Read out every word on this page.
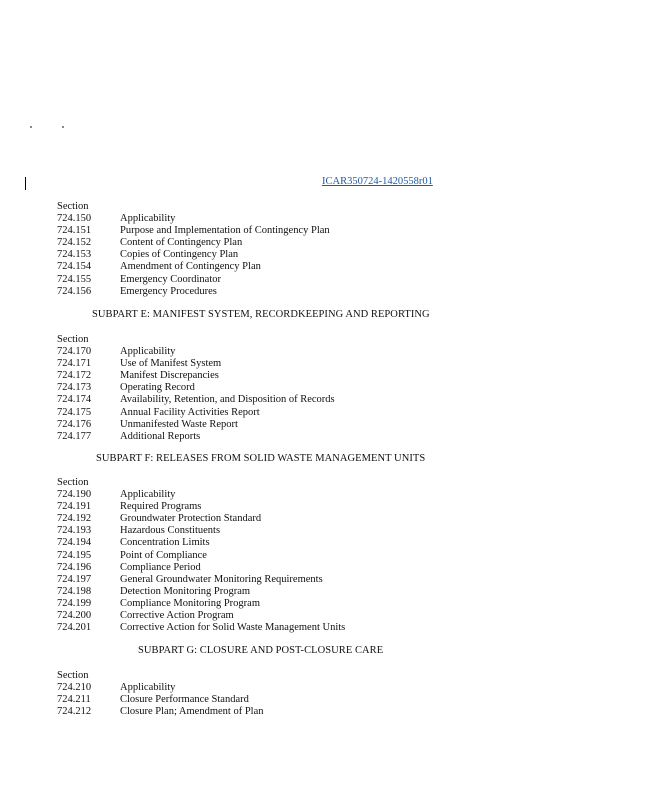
ICAR350724-1420558r01
Section
724.150	Applicability
724.151	Purpose and Implementation of Contingency Plan
724.152	Content of Contingency Plan
724.153	Copies of Contingency Plan
724.154	Amendment of Contingency Plan
724.155	Emergency Coordinator
724.156	Emergency Procedures
SUBPART E: MANIFEST SYSTEM, RECORDKEEPING AND REPORTING
Section
724.170	Applicability
724.171	Use of Manifest System
724.172	Manifest Discrepancies
724.173	Operating Record
724.174	Availability, Retention, and Disposition of Records
724.175	Annual Facility Activities Report
724.176	Unmanifested Waste Report
724.177	Additional Reports
SUBPART F: RELEASES FROM SOLID WASTE MANAGEMENT UNITS
Section
724.190	Applicability
724.191	Required Programs
724.192	Groundwater Protection Standard
724.193	Hazardous Constituents
724.194	Concentration Limits
724.195	Point of Compliance
724.196	Compliance Period
724.197	General Groundwater Monitoring Requirements
724.198	Detection Monitoring Program
724.199	Compliance Monitoring Program
724.200	Corrective Action Program
724.201	Corrective Action for Solid Waste Management Units
SUBPART G: CLOSURE AND POST-CLOSURE CARE
Section
724.210	Applicability
724.211	Closure Performance Standard
724.212	Closure Plan; Amendment of Plan
